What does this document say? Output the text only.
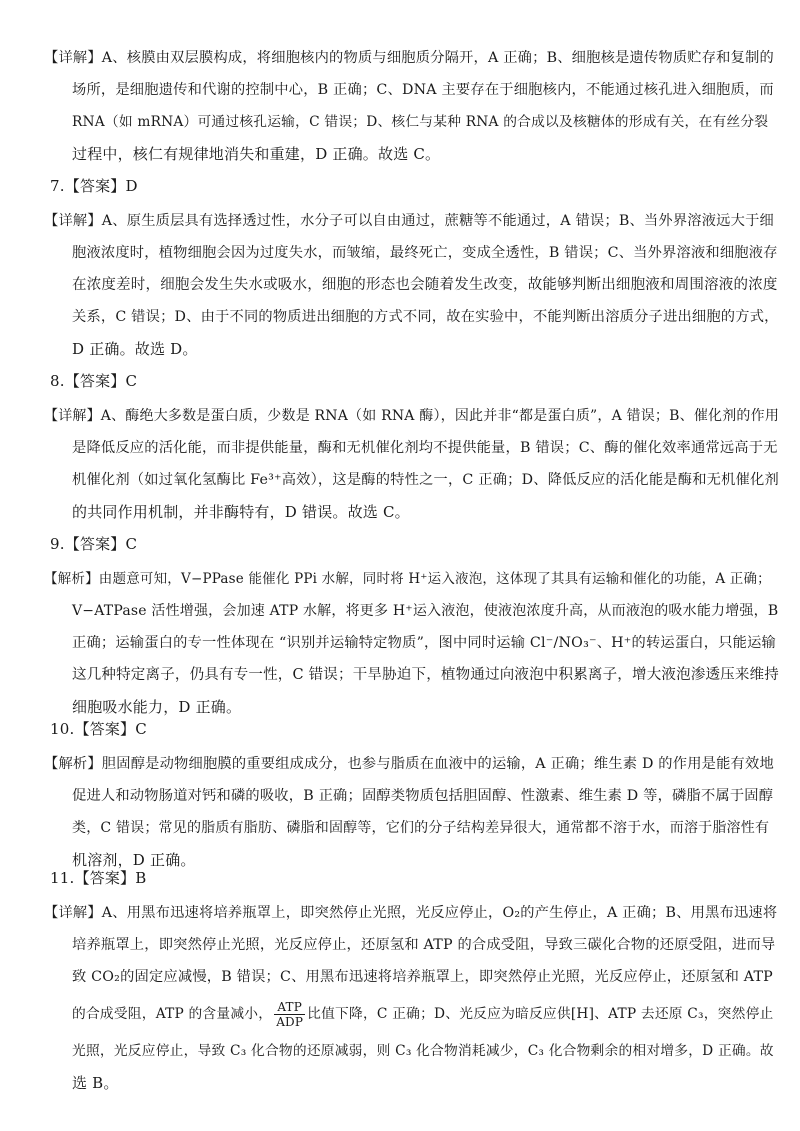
【详解】A、核膜由双层膜构成，将细胞核内的物质与细胞质分隔开，A 正确；B、细胞核是遗传物质贮存和复制的
场所，是细胞遗传和代谢的控制中心，B 正确；C、DNA 主要存在于细胞核内，不能通过核孔进入细胞质，而
RNA（如 mRNA）可通过核孔运输，C 错误；D、核仁与某种 RNA 的合成以及核糖体的形成有关，在有丝分裂
过程中，核仁有规律地消失和重建，D 正确。故选 C。
7.【答案】D
【详解】A、原生质层具有选择透过性，水分子可以自由通过，蔗糖等不能通过，A 错误；B、当外界溶液远大于细
胞液浓度时，植物细胞会因为过度失水，而皱缩，最终死亡，变成全透性，B 错误；C、当外界溶液和细胞液存
在浓度差时，细胞会发生失水或吸水，细胞的形态也会随着发生改变，故能够判断出细胞液和周围溶液的浓度
关系，C 错误；D、由于不同的物质进出细胞的方式不同，故在实验中，不能判断出溶质分子进出细胞的方式，
D 正确。故选 D。
8.【答案】C
【详解】A、酶绝大多数是蛋白质，少数是 RNA（如 RNA 酶），因此并非“都是蛋白质”，A 错误；B、催化剂的作用
是降低反应的活化能，而非提供能量，酶和无机催化剂均不提供能量，B 错误；C、酶的催化效率通常远高于无
机催化剂（如过氧化氢酶比 Fe³⁺高效），这是酶的特性之一，C 正确；D、降低反应的活化能是酶和无机催化剂
的共同作用机制，并非酶特有，D 错误。故选 C。
9.【答案】C
【解析】由题意可知，V−PPase 能催化 PPi 水解，同时将 H⁺运入液泡，这体现了其具有运输和催化的功能，A 正确；
V−ATPase 活性增强，会加速 ATP 水解，将更多 H⁺运入液泡，使液泡浓度升高，从而液泡的吸水能力增强，B
正确；运输蛋白的专一性体现在 “识别并运输特定物质”，图中同时运输 Cl⁻/NO₃⁻、H⁺的转运蛋白，只能运输
这几种特定离子，仍具有专一性，C 错误；干旱胁迫下，植物通过向液泡中积累离子，增大液泡渗透压来维持
细胞吸水能力，D 正确。
10.【答案】C
【解析】胆固醇是动物细胞膜的重要组成成分，也参与脂质在血液中的运输，A 正确；维生素 D 的作用是能有效地
促进人和动物肠道对钙和磷的吸收，B 正确；固醇类物质包括胆固醇、性激素、维生素 D 等，磷脂不属于固醇
类，C 错误；常见的脂质有脂肪、磷脂和固醇等，它们的分子结构差异很大，通常都不溶于水，而溶于脂溶性有
机溶剂，D 正确。
11.【答案】B
【详解】A、用黑布迅速将培养瓶罩上，即突然停止光照，光反应停止，O₂的产生停止，A 正确；B、用黑布迅速将
培养瓶罩上，即突然停止光照，光反应停止，还原氢和 ATP 的合成受阻，导致三碳化合物的还原受阻，进而导
致 CO₂的固定应减慢，B 错误；C、用黑布迅速将培养瓶罩上，即突然停止光照，光反应停止，还原氢和 ATP
的合成受阻，ATP 的含量减小， $\frac{\text{ATP}}{\text{ADP}}$ 比值下降，C 正确；D、光反应为暗反应供[H]、ATP 去还原 C₃，突然停止
光照，光反应停止，导致 C₃ 化合物的还原减弱，则 C₃ 化合物消耗减少，C₃ 化合物剩余的相对增多，D 正确。故
选 B。
